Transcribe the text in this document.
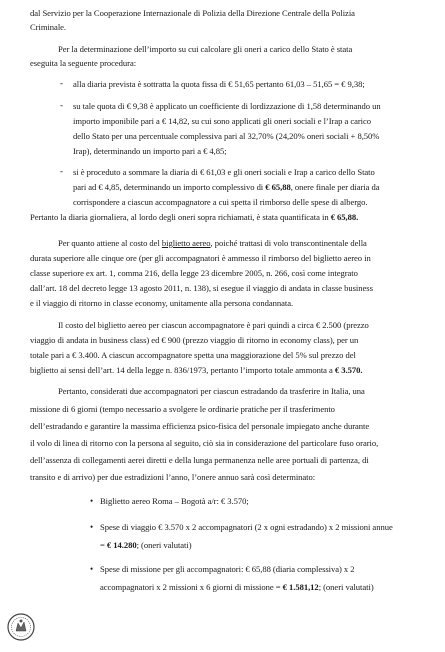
dal Servizio per la Cooperazione Internazionale di Polizia della Direzione Centrale della Polizia
Criminale.
Per la determinazione dell’importo su cui calcolare gli oneri a carico dello Stato è stata
eseguita la seguente procedura:
- alla diaria prevista è sottratta la quota fissa di € 51,65 pertanto 61,03 – 51,65 = € 9,38;
- su tale quota di € 9,38 è applicato un coefficiente di lordizzazione di 1,58 determinando un
importo imponibile pari a € 14,82, su cui sono applicati gli oneri sociali e l’Irap a carico
dello Stato per una percentuale complessiva pari al 32,70% (24,20% oneri sociali + 8,50%
Irap), determinando un importo pari a € 4,85;
- si è proceduto a sommare la diaria di € 61,03 e gli oneri sociali e Irap a carico dello Stato
pari ad € 4,85, determinando un importo complessivo di € 65,88, onere finale per diaria da
corrispondere a ciascun accompagnatore a cui spetta il rimborso delle spese di albergo.
Pertanto la diaria giornaliera, al lordo degli oneri sopra richiamati, è stata quantificata in € 65,88.
Per quanto attiene al costo del biglietto aereo, poiché trattasi di volo transcontinentale della
durata superiore alle cinque ore (per gli accompagnatori è ammesso il rimborso del biglietto aereo in
classe superiore ex art. 1, comma 216, della legge 23 dicembre 2005, n. 266, così come integrato
dall’art. 18 del decreto legge 13 agosto 2011, n. 138), si esegue il viaggio di andata in classe business
e il viaggio di ritorno in classe economy, unitamente alla persona condannata.
Il costo del biglietto aereo per ciascun accompagnatore è pari quindi a circa € 2.500 (prezzo
viaggio di andata in business class) ed € 900 (prezzo viaggio di ritorno in economy class), per un
totale pari a € 3.400. A ciascun accompagnatore spetta una maggiorazione del 5% sul prezzo del
biglietto ai sensi dell’art. 14 della legge n. 836/1973, pertanto l’importo totale ammonta a € 3.570.
Pertanto, considerati due accompagnatori per ciascun estradando da trasferire in Italia, una
missione di 6 giorni (tempo necessario a svolgere le ordinarie pratiche per il trasferimento
dell’estradando e garantire la massima efficienza psico-fisica del personale impiegato anche durante
il volo di linea di ritorno con la persona al seguito, ciò sia in considerazione del particolare fuso orario,
dell’assenza di collegamenti aerei diretti e della lunga permanenza nelle aree portuali di partenza, di
transito e di arrivo) per due estradizioni l’anno, l’onere annuo sarà così determinato:
• Biglietto aereo Roma – Bogotà a/r: € 3.570;
• Spese di viaggio € 3.570 x 2 accompagnatori (2 x ogni estradando) x 2 missioni annue
= € 14.280; (oneri valutati)
• Spese di missione per gli accompagnatori: € 65,88 (diaria complessiva) x 2
accompagnatori x 2 missioni x 6 giorni di missione = € 1.581,12; (oneri valutati)
